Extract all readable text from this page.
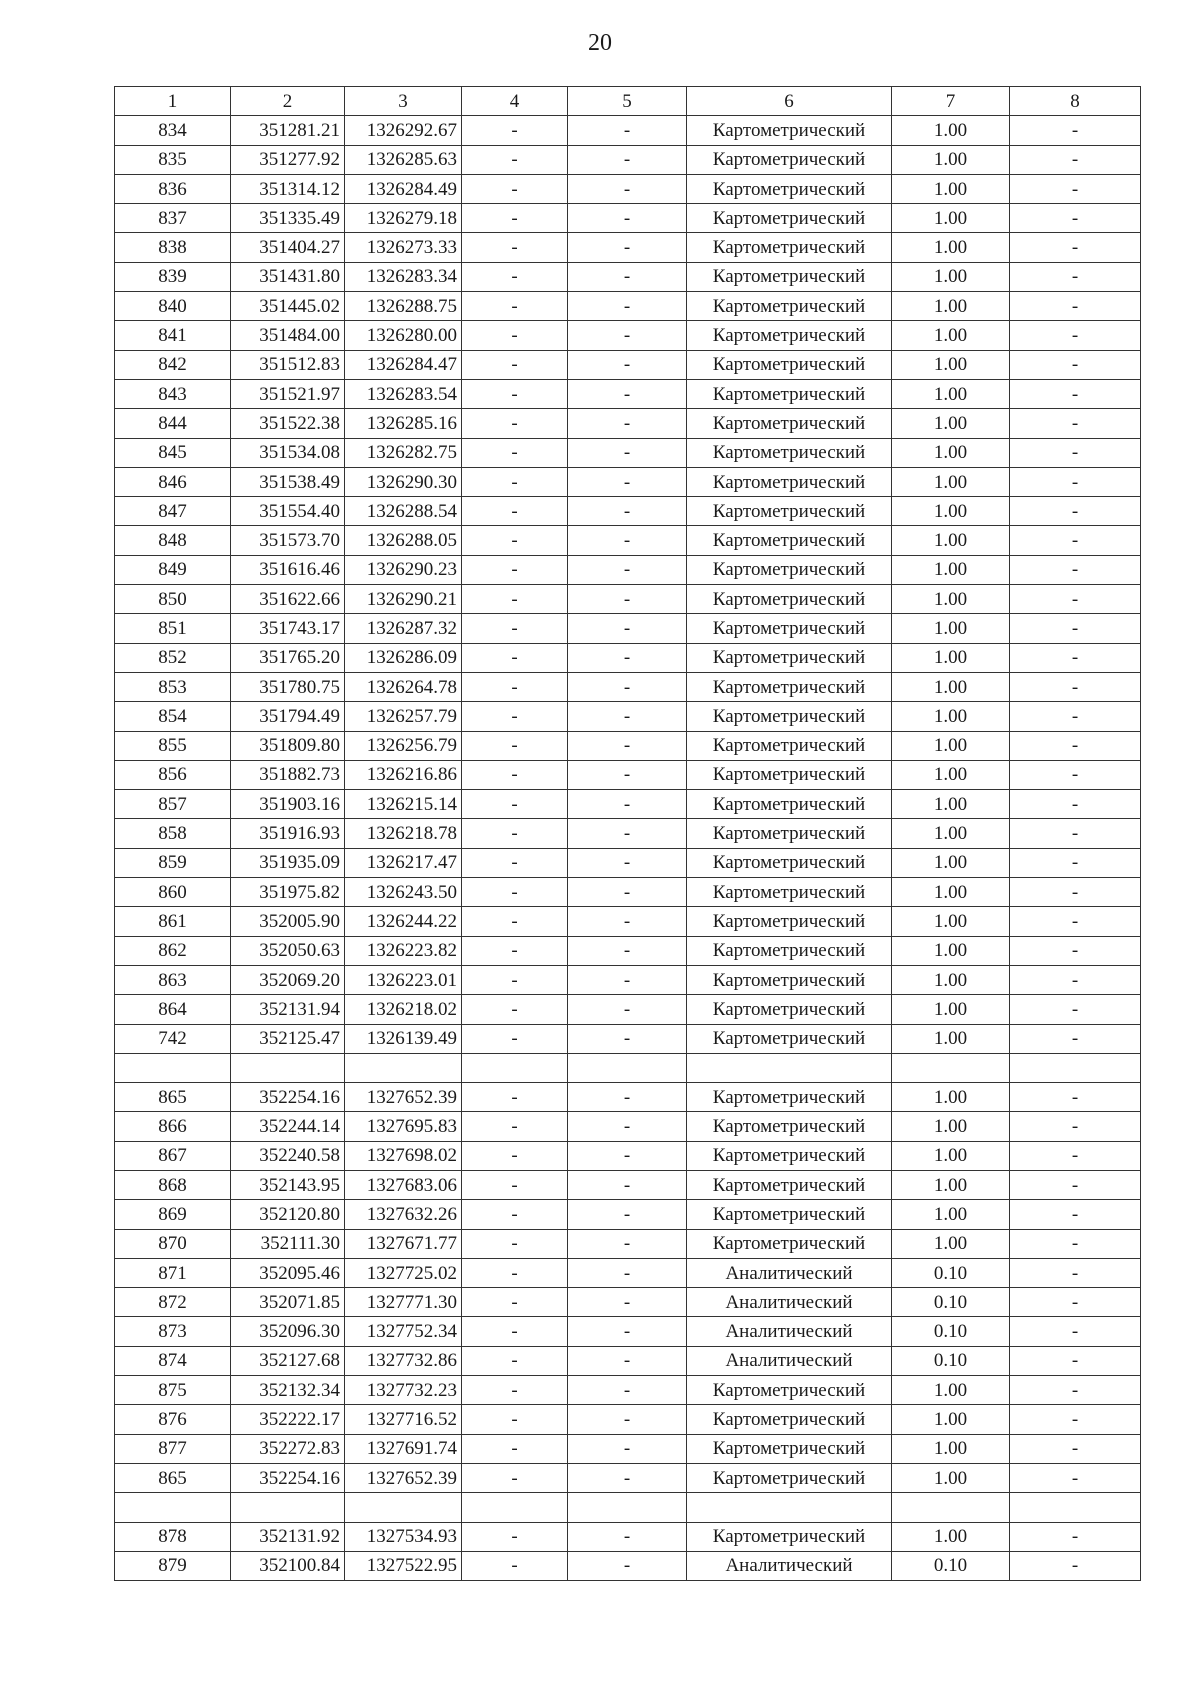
20
1	2	3	4	5	6	7	8
834	351281.21	1326292.67	-	-	Картометрический	1.00	-
835	351277.92	1326285.63	-	-	Картометрический	1.00	-
836	351314.12	1326284.49	-	-	Картометрический	1.00	-
837	351335.49	1326279.18	-	-	Картометрический	1.00	-
838	351404.27	1326273.33	-	-	Картометрический	1.00	-
839	351431.80	1326283.34	-	-	Картометрический	1.00	-
840	351445.02	1326288.75	-	-	Картометрический	1.00	-
841	351484.00	1326280.00	-	-	Картометрический	1.00	-
842	351512.83	1326284.47	-	-	Картометрический	1.00	-
843	351521.97	1326283.54	-	-	Картометрический	1.00	-
844	351522.38	1326285.16	-	-	Картометрический	1.00	-
845	351534.08	1326282.75	-	-	Картометрический	1.00	-
846	351538.49	1326290.30	-	-	Картометрический	1.00	-
847	351554.40	1326288.54	-	-	Картометрический	1.00	-
848	351573.70	1326288.05	-	-	Картометрический	1.00	-
849	351616.46	1326290.23	-	-	Картометрический	1.00	-
850	351622.66	1326290.21	-	-	Картометрический	1.00	-
851	351743.17	1326287.32	-	-	Картометрический	1.00	-
852	351765.20	1326286.09	-	-	Картометрический	1.00	-
853	351780.75	1326264.78	-	-	Картометрический	1.00	-
854	351794.49	1326257.79	-	-	Картометрический	1.00	-
855	351809.80	1326256.79	-	-	Картометрический	1.00	-
856	351882.73	1326216.86	-	-	Картометрический	1.00	-
857	351903.16	1326215.14	-	-	Картометрический	1.00	-
858	351916.93	1326218.78	-	-	Картометрический	1.00	-
859	351935.09	1326217.47	-	-	Картометрический	1.00	-
860	351975.82	1326243.50	-	-	Картометрический	1.00	-
861	352005.90	1326244.22	-	-	Картометрический	1.00	-
862	352050.63	1326223.82	-	-	Картометрический	1.00	-
863	352069.20	1326223.01	-	-	Картометрический	1.00	-
864	352131.94	1326218.02	-	-	Картометрический	1.00	-
742	352125.47	1326139.49	-	-	Картометрический	1.00	-

865	352254.16	1327652.39	-	-	Картометрический	1.00	-
866	352244.14	1327695.83	-	-	Картометрический	1.00	-
867	352240.58	1327698.02	-	-	Картометрический	1.00	-
868	352143.95	1327683.06	-	-	Картометрический	1.00	-
869	352120.80	1327632.26	-	-	Картометрический	1.00	-
870	352111.30	1327671.77	-	-	Картометрический	1.00	-
871	352095.46	1327725.02	-	-	Аналитический	0.10	-
872	352071.85	1327771.30	-	-	Аналитический	0.10	-
873	352096.30	1327752.34	-	-	Аналитический	0.10	-
874	352127.68	1327732.86	-	-	Аналитический	0.10	-
875	352132.34	1327732.23	-	-	Картометрический	1.00	-
876	352222.17	1327716.52	-	-	Картометрический	1.00	-
877	352272.83	1327691.74	-	-	Картометрический	1.00	-
865	352254.16	1327652.39	-	-	Картометрический	1.00	-

878	352131.92	1327534.93	-	-	Картометрический	1.00	-
879	352100.84	1327522.95	-	-	Аналитический	0.10	-
